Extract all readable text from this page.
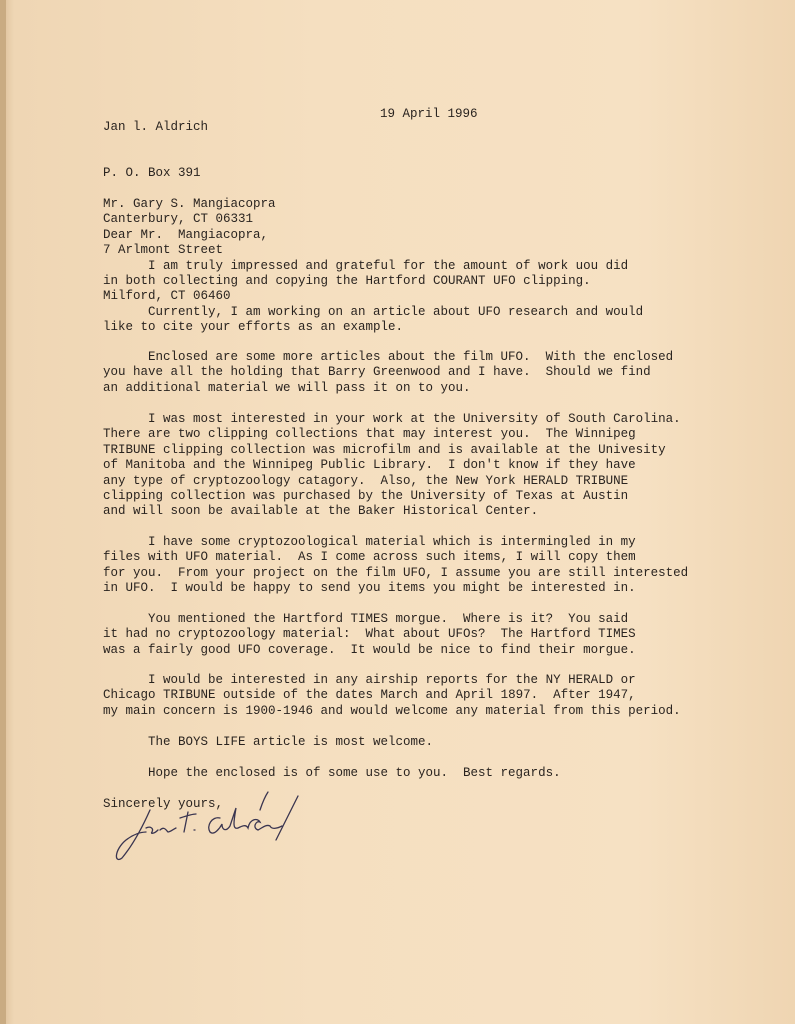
Jan l. Aldrich

P. O. Box 391

Canterbury, CT 06331

19 April 1996

Mr. Gary S. Mangiacopra

7 Arlmont Street

Milford, CT 06460

Dear Mr.  Mangiacopra,
I am truly impressed and grateful for the amount of work uou did
in both collecting and copying the Hartford COURANT UFO clipping.
Currently, I am working on an article about UFO research and would
like to cite your efforts as an example.
Enclosed are some more articles about the film UFO.  With the enclosed
you have all the holding that Barry Greenwood and I have.  Should we find
an additional material we will pass it on to you.
I was most interested in your work at the University of South Carolina.
There are two clipping collections that may interest you.  The Winnipeg
TRIBUNE clipping collection was microfilm and is available at the Univesity
of Manitoba and the Winnipeg Public Library.  I don't know if they have
any type of cryptozoology catagory.  Also, the New York HERALD TRIBUNE
clipping collection was purchased by the University of Texas at Austin
and will soon be available at the Baker Historical Center.
I have some cryptozoological material which is intermingled in my
files with UFO material.  As I come across such items, I will copy them
for you.  From your project on the film UFO, I assume you are still interested
in UFO.  I would be happy to send you items you might be interested in.
You mentioned the Hartford TIMES morgue.  Where is it?  You said
it had no cryptozoology material:  What about UFOs?  The Hartford TIMES
was a fairly good UFO coverage.  It would be nice to find their morgue.
I would be interested in any airship reports for the NY HERALD or
Chicago TRIBUNE outside of the dates March and April 1897.  After 1947,
my main concern is 1900-1946 and would welcome any material from this period.
The BOYS LIFE article is most welcome.
Hope the enclosed is of some use to you.  Best regards.
Sincerely yours,
